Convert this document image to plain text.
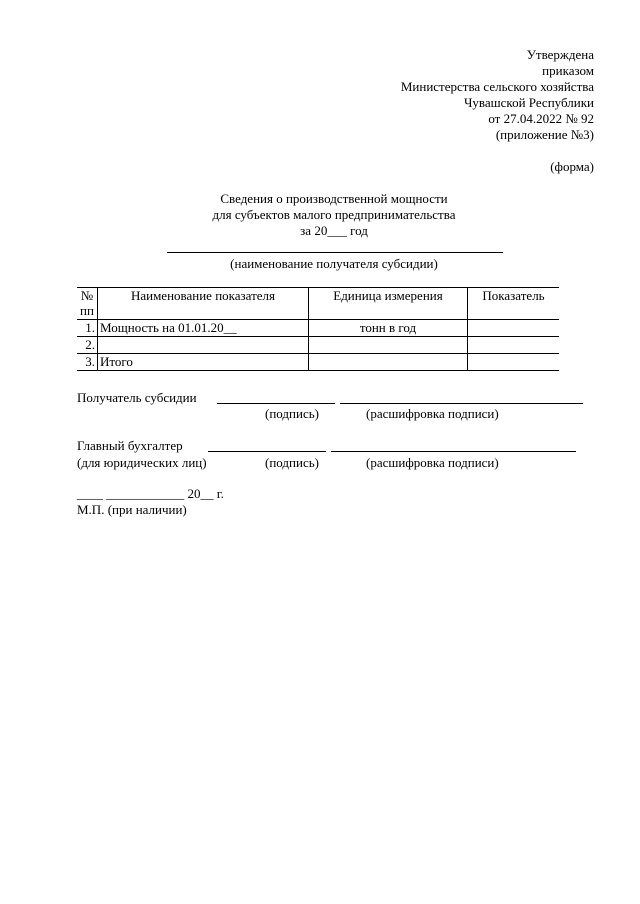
Утверждена
приказом
Министерства сельского хозяйства
Чувашской Республики
от 27.04.2022 № 92
(приложение №3)
(форма)
Сведения о производственной мощности
для субъектов малого предпринимательства
за 20___ год
(наименование получателя субсидии)
№
пп	Наименование показателя	Единица измерения	Показатель
1.	Мощность на 01.01.20__	тонн в год	
2.			
3.	Итого		
Получатель субсидии
(подпись)	(расшифровка подписи)
Главный бухгалтер
(для юридических лиц)	(подпись)	(расшифровка подписи)
____ ____________ 20__ г.
М.П. (при наличии)
